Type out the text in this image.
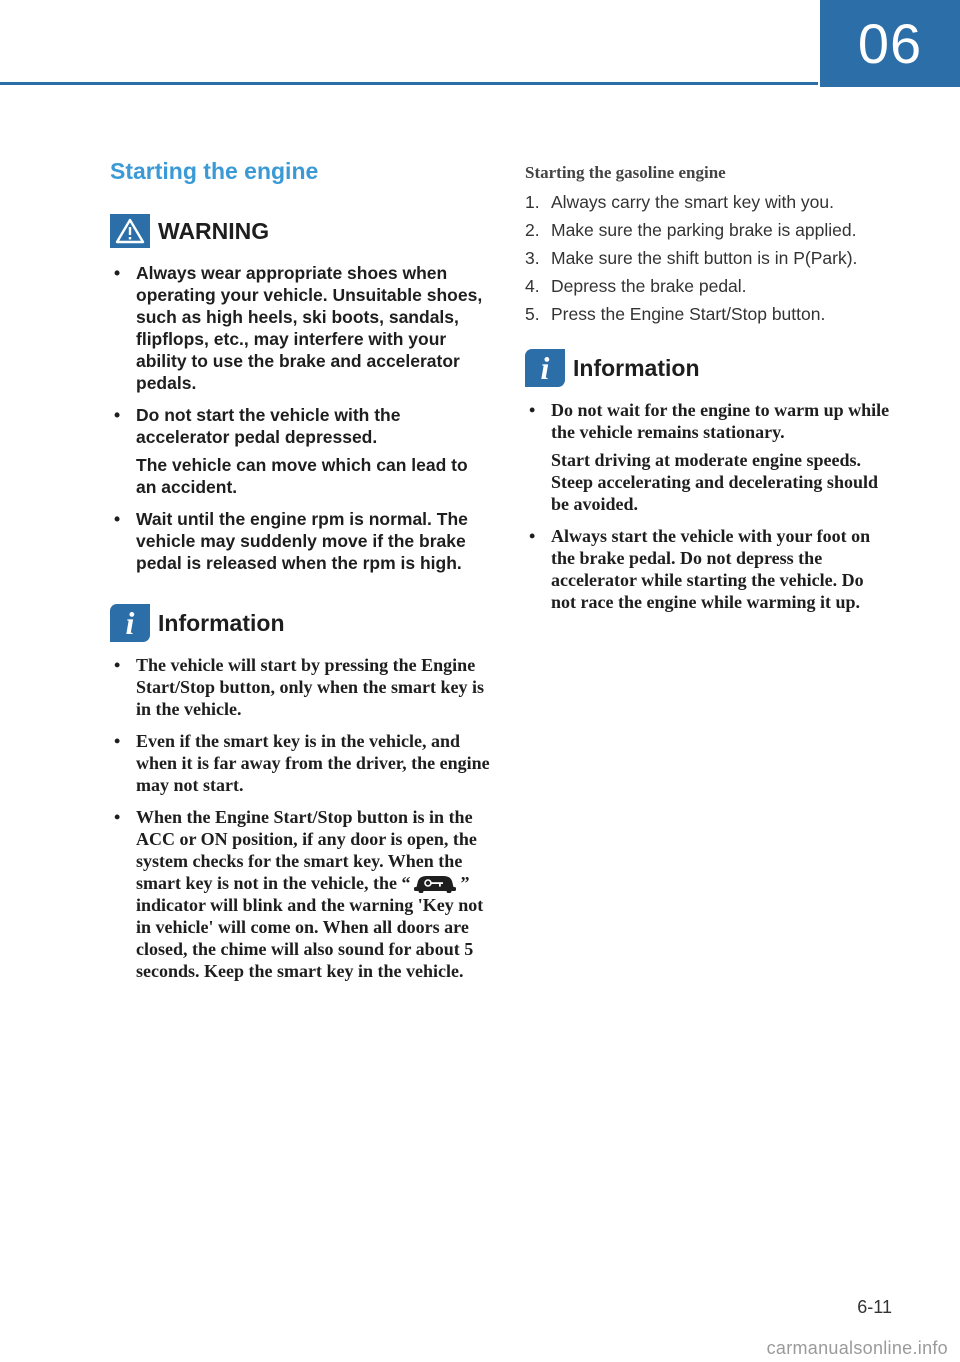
06
Starting the engine
WARNING

• Always wear appropriate shoes when operating your vehicle. Unsuitable shoes, such as high heels, ski boots, sandals, flipflops, etc., may interfere with your ability to use the brake and accelerator pedals.

• Do not start the vehicle with the accelerator pedal depressed.

The vehicle can move which can lead to an accident.

• Wait until the engine rpm is normal. The vehicle may suddenly move if the brake pedal is released when the rpm is high.

i	Information

• The vehicle will start by pressing the Engine Start/Stop button, only when the smart key is in the vehicle.

• Even if the smart key is in the vehicle, and when it is far away from the driver, the engine may not start.

• When the Engine Start/Stop button is in the ACC or ON position, if any door is open, the system checks for the smart key. When the smart key is not in the vehicle, the “	” indicator will blink and the warning 'Key not in vehicle' will come on. When all doors are closed, the chime will also sound for about 5 seconds. Keep the smart key in the vehicle.

Starting the gasoline engine
1. Always carry the smart key with you.
2. Make sure the parking brake is applied.
3. Make sure the shift button is in P(Park).
4. Depress the brake pedal.
5. Press the Engine Start/Stop button.
i	Information

• Do not wait for the engine to warm up while the vehicle remains stationary.

Start driving at moderate engine speeds. Steep accelerating and decelerating should be avoided.

• Always start the vehicle with your foot on the brake pedal. Do not depress the accelerator while starting the vehicle. Do not race the engine while warming it up.

6-11
carmanualsonline.info
